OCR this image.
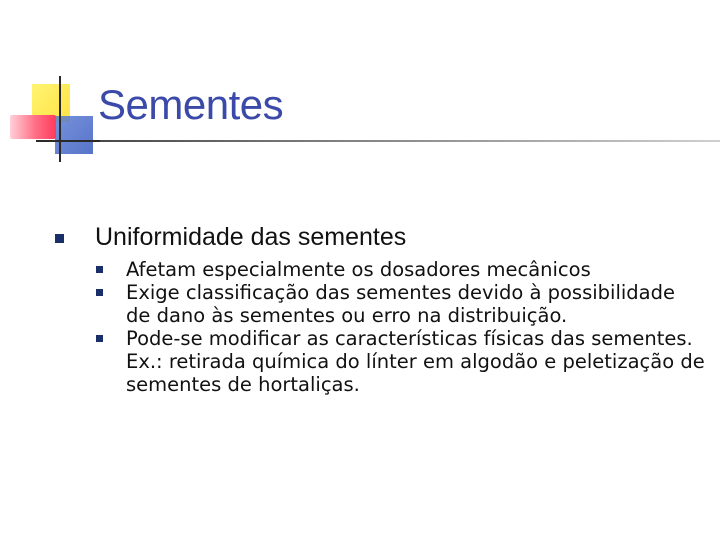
Sementes
Uniformidade das sementes
Afetam especialmente os dosadores mecânicos
Exige classificação das sementes devido à possibilidade de dano às sementes ou erro na distribuição.
Pode-se modificar as características físicas das sementes. Ex.: retirada química do línter em algodão e peletização de sementes de hortaliças.
